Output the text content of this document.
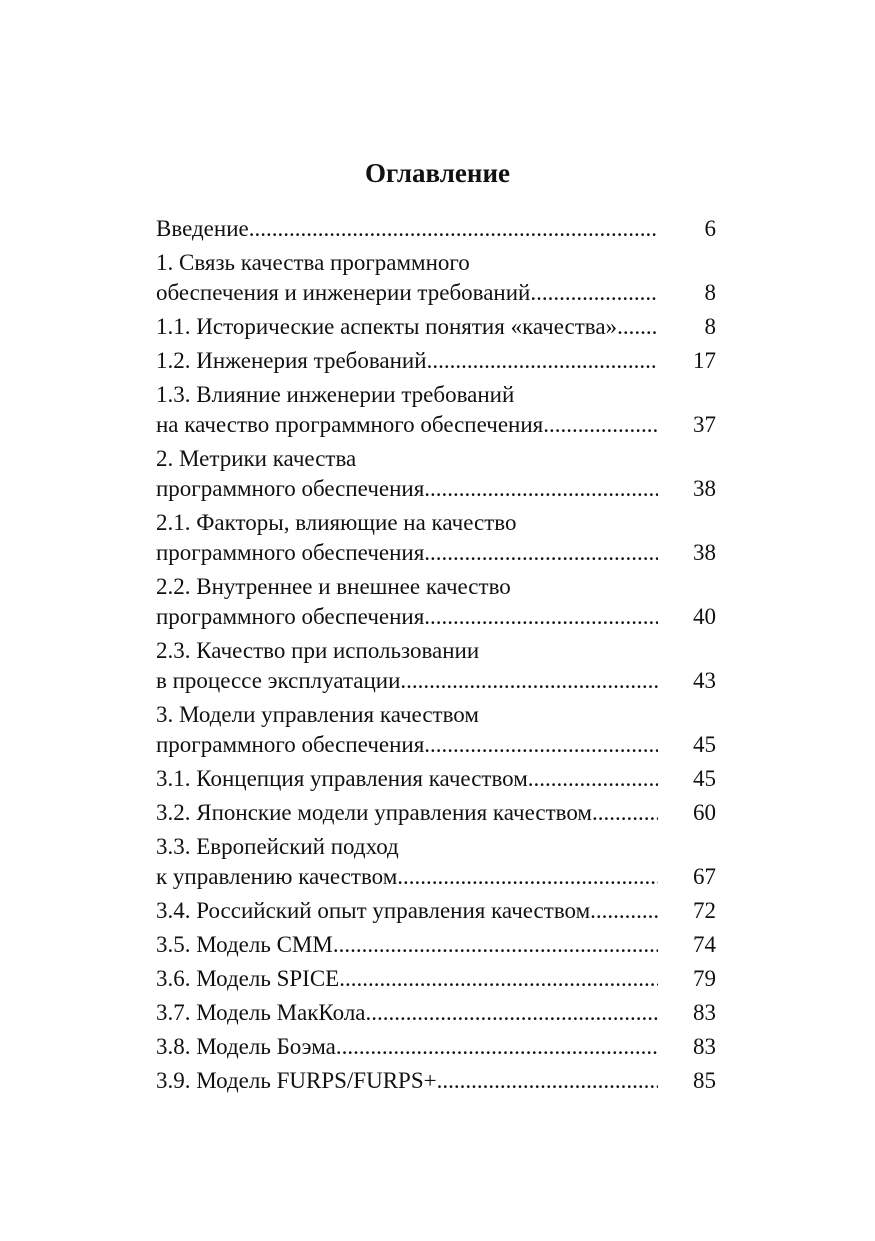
Оглавление
Введение .....	6
1. Связь качества программного
обеспечения и инженерии требований .....	8
1.1. Исторические аспекты понятия «качества» .....	8
1.2. Инженерия требований .....	17
1.3. Влияние инженерии требований
на качество программного обеспечения .....	37
2. Метрики качества
программного обеспечения .....	38
2.1. Факторы, влияющие на качество
программного обеспечения .....	38
2.2. Внутреннее и внешнее качество
программного обеспечения .....	40
2.3. Качество при использовании
в процессе эксплуатации .....	43
3. Модели управления качеством
программного обеспечения .....	45
3.1. Концепция управления качеством .....	45
3.2. Японские модели управления качеством .....	60
3.3. Европейский подход
к управлению качеством .....	67
3.4. Российский опыт управления качеством .....	72
3.5. Модель CMM .....	74
3.6. Модель SPICE .....	79
3.7. Модель МакКола .....	83
3.8. Модель Боэма .....	83
3.9. Модель FURPS/FURPS+ .....	85
